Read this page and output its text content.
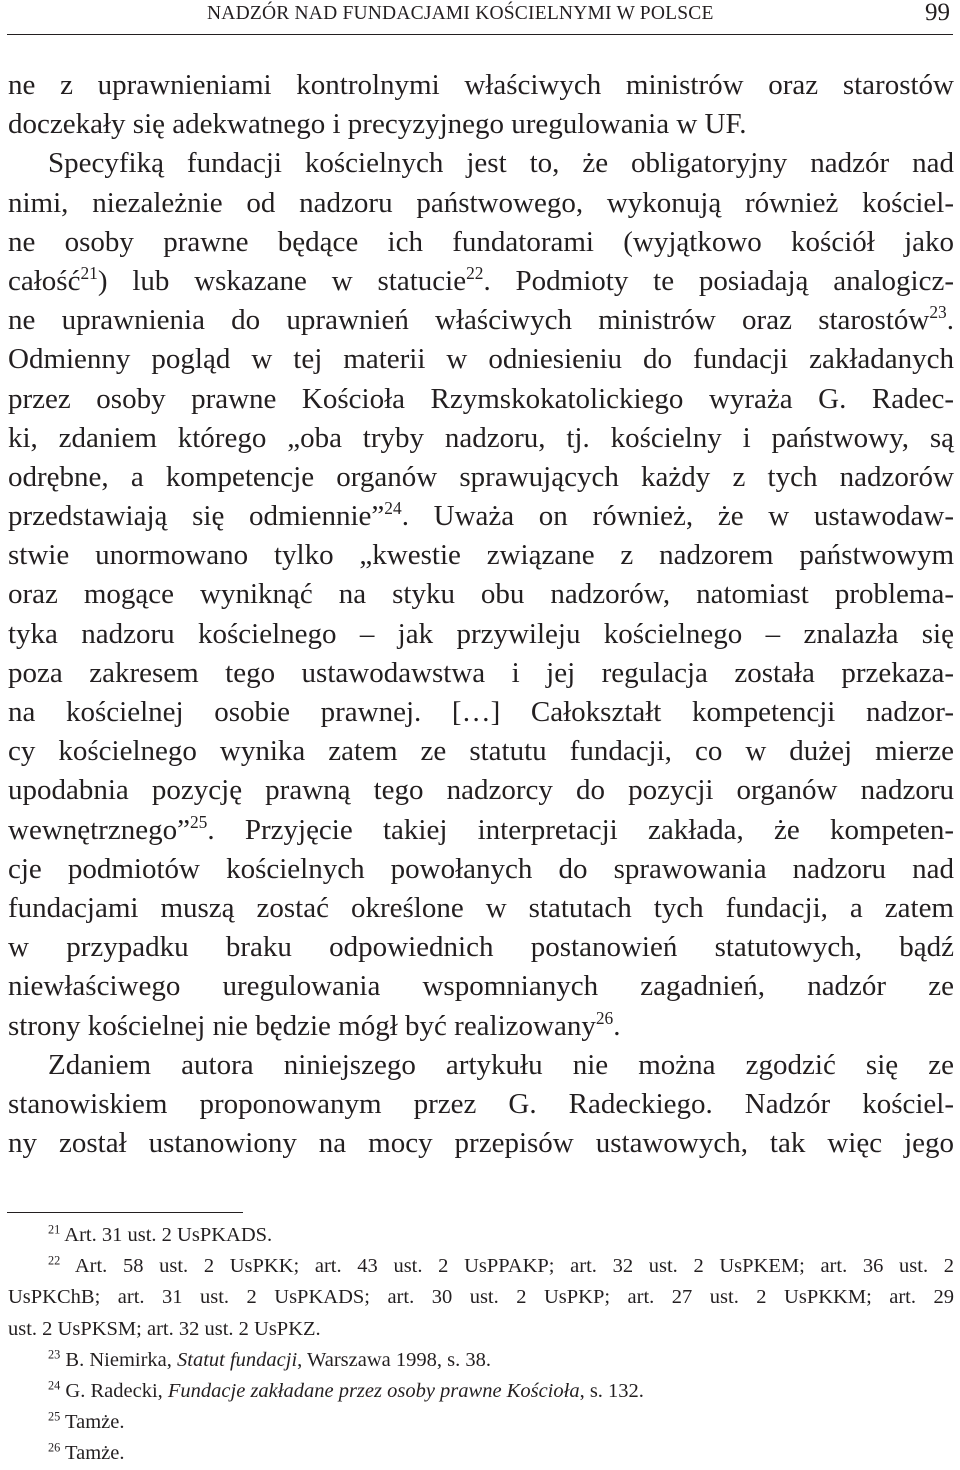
NADZÓR NAD FUNDACJAMI KOŚCIELNYMI W POLSCE	99
ne z uprawnieniami kontrolnymi właściwych ministrów oraz starostów
doczekały się adekwatnego i precyzyjnego uregulowania w UF.
Specyfiką fundacji kościelnych jest to, że obligatoryjny nadzór nad
nimi, niezależnie od nadzoru państwowego, wykonują również kościel-
ne osoby prawne będące ich fundatorami (wyjątkowo kościół jako
całość$^{21}$) lub wskazane w statucie$^{22}$. Podmioty te posiadają analogicz-
ne uprawnienia do uprawnień właściwych ministrów oraz starostów$^{23}$.
Odmienny pogląd w tej materii w odniesieniu do fundacji zakładanych
przez osoby prawne Kościoła Rzymskokatolickiego wyraża G. Radec-
ki, zdaniem którego „oba tryby nadzoru, tj. kościelny i państwowy, są
odrębne, a kompetencje organów sprawujących każdy z tych nadzorów
przedstawiają się odmiennie”$^{24}$. Uważa on również, że w ustawodaw-
stwie unormowano tylko „kwestie związane z nadzorem państwowym
oraz mogące wyniknąć na styku obu nadzorów, natomiast problema-
tyka nadzoru kościelnego – jak przywileju kościelnego – znalazła się
poza zakresem tego ustawodawstwa i jej regulacja została przekaza-
na kościelnej osobie prawnej. […] Całokształt kompetencji nadzor-
cy kościelnego wynika zatem ze statutu fundacji, co w dużej mierze
upodabnia pozycję prawną tego nadzorcy do pozycji organów nadzoru
wewnętrznego”$^{25}$. Przyjęcie takiej interpretacji zakłada, że kompeten-
cje podmiotów kościelnych powołanych do sprawowania nadzoru nad
fundacjami muszą zostać określone w statutach tych fundacji, a zatem
w przypadku braku odpowiednich postanowień statutowych, bądź
niewłaściwego uregulowania wspomnianych zagadnień, nadzór ze
strony kościelnej nie będzie mógł być realizowany$^{26}$.
Zdaniem autora niniejszego artykułu nie można zgodzić się ze
stanowiskiem proponowanym przez G. Radeckiego. Nadzór kościel-
ny został ustanowiony na mocy przepisów ustawowych, tak więc jego
$^{21}$ Art. 31 ust. 2 UsPKADS.
$^{22}$ Art. 58 ust. 2 UsPKK; art. 43 ust. 2 UsPPAKP; art. 32 ust. 2 UsPKEM; art. 36 ust. 2
UsPKChB; art. 31 ust. 2 UsPKADS; art. 30 ust. 2 UsPKP; art. 27 ust. 2 UsPKKM; art. 29
ust. 2 UsPKSM; art. 32 ust. 2 UsPKZ.
$^{23}$ B. Niemirka, Statut fundacji, Warszawa 1998, s. 38.
$^{24}$ G. Radecki, Fundacje zakładane przez osoby prawne Kościoła, s. 132.
$^{25}$ Tamże.
$^{26}$ Tamże.
